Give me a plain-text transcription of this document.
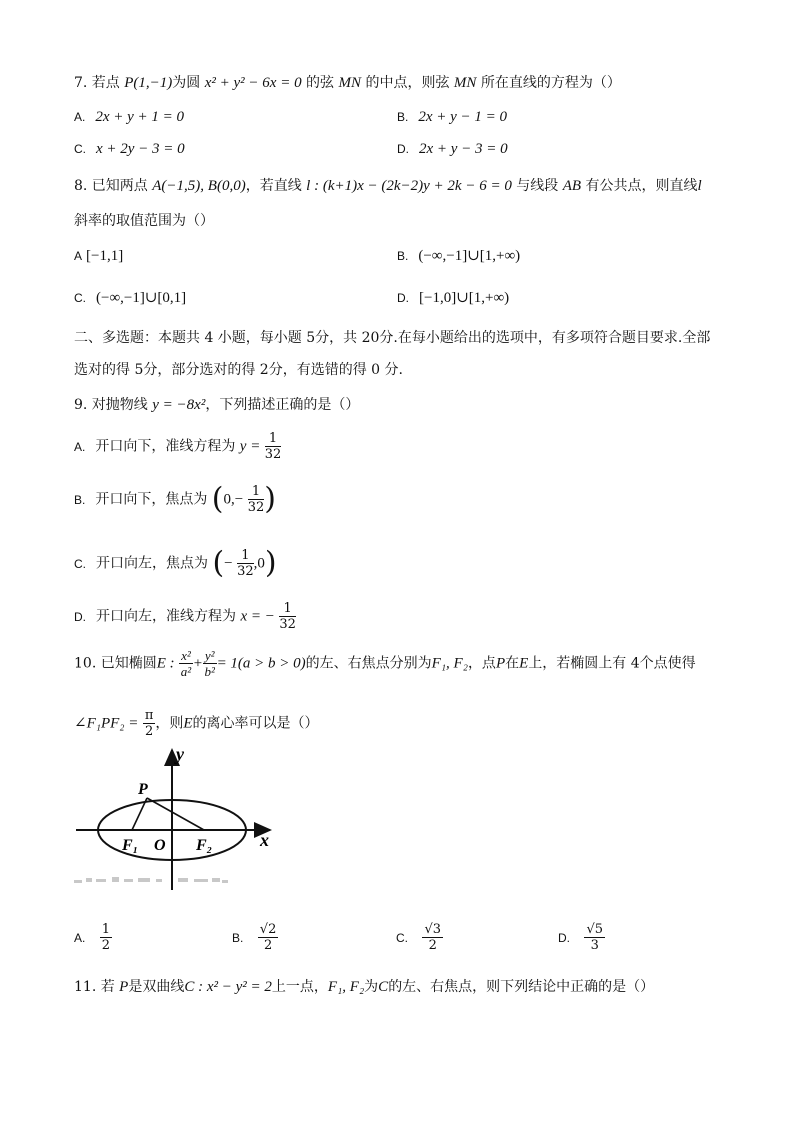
7. 若点 P(1,−1)为圆 x² + y² − 6x = 0 的弦 MN 的中点，则弦 MN 所在直线的方程为（）
A. 2x + y + 1 = 0	B. 2x + y − 1 = 0
C. x + 2y − 3 = 0	D. 2x + y − 3 = 0
8. 已知两点 A(−1,5), B(0,0)，若直线 l : (k+1)x − (2k−2)y + 2k − 6 = 0 与线段 AB 有公共点，则直线l
斜率的取值范围为（）
A [−1,1]	B. (−∞,−1]∪[1,+∞)
C. (−∞,−1]∪[0,1]	D. [−1,0]∪[1,+∞)
二、多选题：本题共 4 小题，每小题 5分，共 20分.在每小题给出的选项中，有多项符合题目要求.全部选对的得 5分，部分选对的得 2分，有选错的得 0 分.
9. 对抛物线 y = −8x²，下列描述正确的是（）
A. 开口向下，准线方程为 $y = \frac{1}{32}$
B. 开口向下，焦点为 ($0,- \frac{1}{32}$ )
C. 开口向左，焦点为 (− $\frac{1}{32} ,0$)
D. 开口向左，准线方程为 x = − $\frac{1}{32}$
10. 已知椭圆E : $\frac{\text{x²}}{\text{a²}} + \frac{\text{y²}}{\text{b²}} = 1(a > b > 0)$的左、右焦点分别为F₁, F₂，点P在E上，若椭圆上有 4个点使得
∠F₁PF₂ = $\frac{\pi}{2}$ ，则E的离心率可以是（）
y
P
x
F₁ O F₂
A. $\frac{1}{2}$	B. $\frac{√2}{2}$	C. $\frac{√3}{2}$	D. $\frac{√5}{3}$
11. 若 P是双曲线C : x² − y² = 2上一点，F₁, F₂为C的左、右焦点，则下列结论中正确的是（）
